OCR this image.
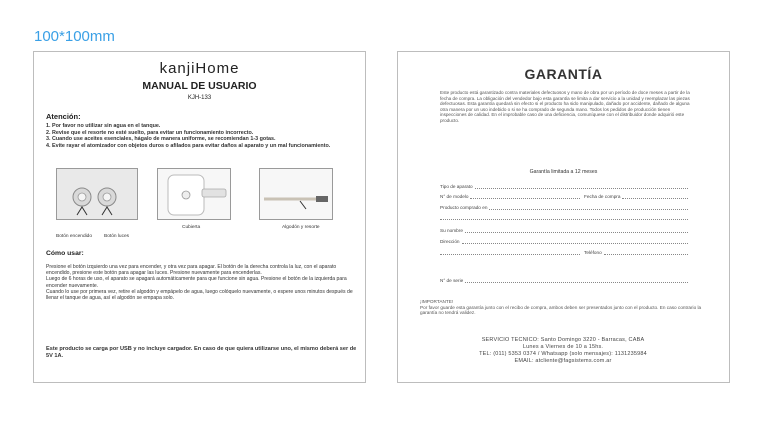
100*100mm
kanjiHome
MANUAL DE USUARIO
KJH-133
Atención:
1. Por favor no utilizar sin agua en el tanque.
2. Revise que el resorte no esté suelto, para evitar un funcionamiento incorrecto.
3. Cuando use aceites esenciales, hágalo de manera uniforme, se recomiendan 1-3 gotas.
4. Evite rayar el atomizador con objetos duros o afilados para evitar daños al aparato y un mal funcionamiento.
Botón encendido Botón luces
Cubierta	Algodón y resorte
Cómo usar:
Presione el botón izquierdo una vez para encender, y otra vez para apagar. El botón de la derecha controla la luz, con el aparato encendido, presione este botón para apagar las luces. Presione nuevamente para encenderlas.
Luego de 6 horas de uso, el aparato se apagará automáticamente para que funcione sin agua. Presione el botón de la izquierda para encender nuevamente.
Cuando lo use por primera vez, retire el algodón y empápelo de agua, luego colóquelo nuevamente, o espere unos minutos después de llenar el tanque de agua, así el algodón se empapa solo.
Este producto se carga por USB y no incluye cargador. En caso de que quiera utilizarse uno, el mismo deberá ser de 5V 1A.
GARANTÍA
Este producto está garantizado contra materiales defectuosos y mano de obra por un período de doce meses a partir de la fecha de compra. La obligación del vendedor bajo esta garantía se limita a dar servicio a la unidad y reemplazar las piezas defectuosas. Esta garantía quedará sin efecto si el producto ha sido manipulado, dañado por accidente, dañado de alguna otra manera por un uso indebido o si se ha comprado de segunda mano. Todos los pedidos de producción tienen inspecciones de calidad. En el improbable caso de una deficiencia, comuníquese con el distribuidor donde adquirió este producto.
Garantía limitada a 12 meses
Tipo de aparato
N° de modelo	Fecha de compra
Producto comprado en
Su nombre
Dirección
Teléfono
N° de serie
¡IMPORTANTE!
Por favor guarde esta garantía junto con el recibo de compra, ambos deben ser presentados junto con el producto. En caso contrario la garantía no tendrá validez.
SERVICIO TECNICO: Santo Domingo 3220 - Barracas, CABA
Lunes a Viernes de 10 a 15hs.
TEL: (011) 5353 0374 / Whatsapp (solo mensajes): 1131235984
EMAIL: atcliente@fagsistems.com.ar
